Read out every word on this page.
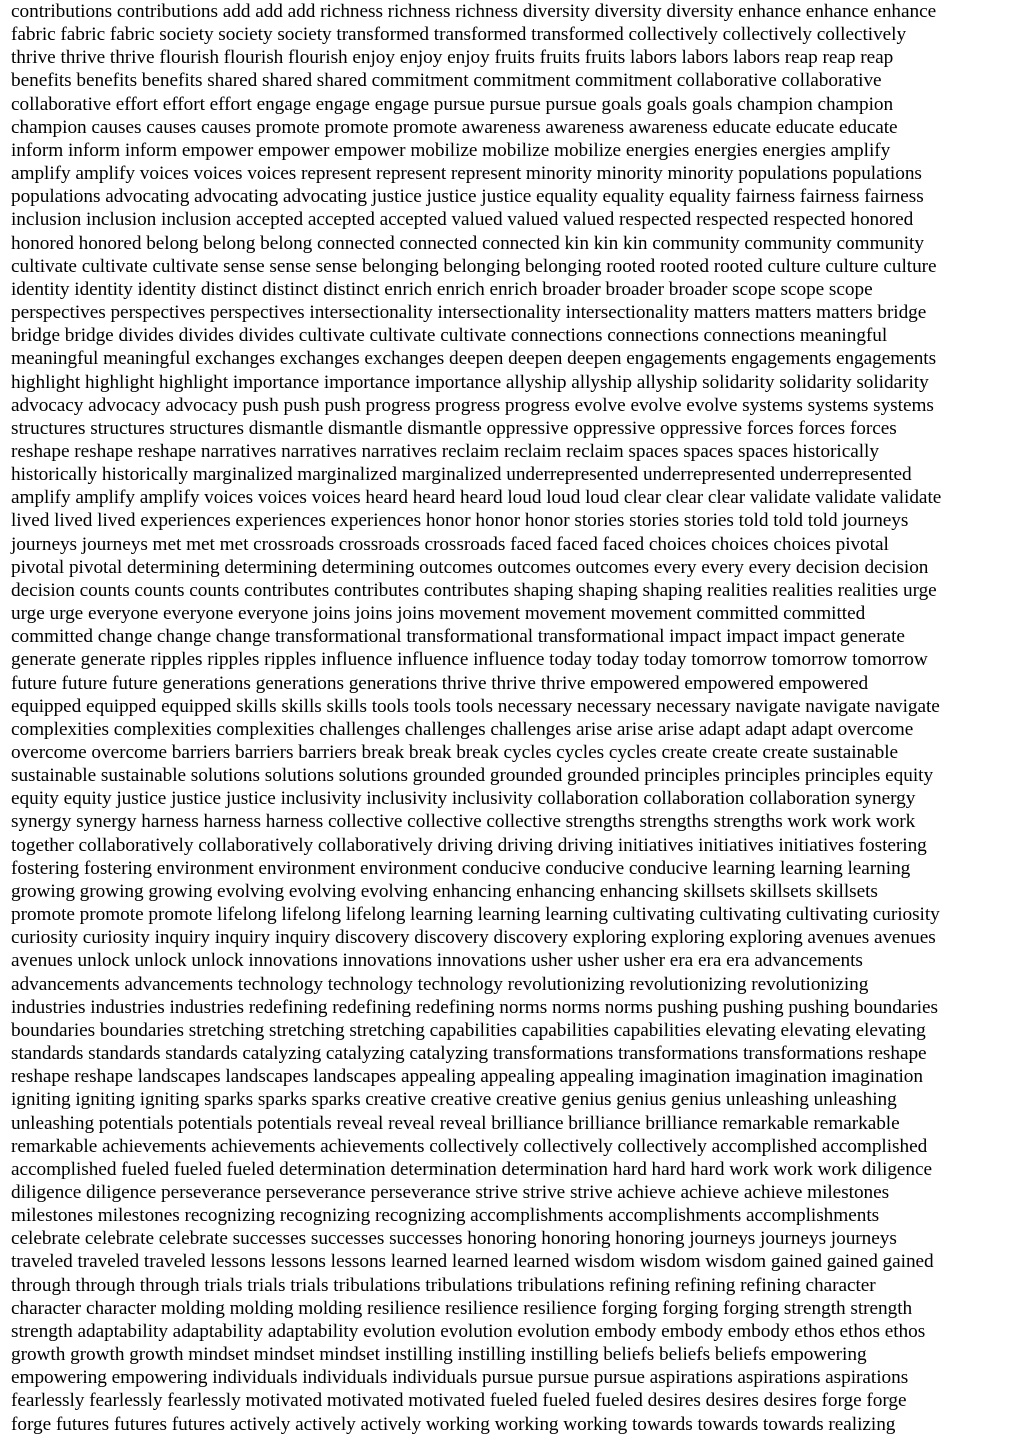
contributions contributions add add add richness richness richness diversity diversity diversity enhance enhance enhance
fabric fabric fabric society society society transformed transformed transformed collectively collectively collectively
thrive thrive thrive flourish flourish flourish enjoy enjoy enjoy fruits fruits fruits labors labors labors reap reap reap
benefits benefits benefits shared shared shared commitment commitment commitment collaborative collaborative
collaborative effort effort effort engage engage engage pursue pursue pursue goals goals goals champion champion
champion causes causes causes promote promote promote awareness awareness awareness educate educate educate
inform inform inform empower empower empower mobilize mobilize mobilize energies energies energies amplify
amplify amplify voices voices voices represent represent represent minority minority minority populations populations
populations advocating advocating advocating justice justice justice equality equality equality fairness fairness fairness
inclusion inclusion inclusion accepted accepted accepted valued valued valued respected respected respected honored
honored honored belong belong belong connected connected connected kin kin kin community community community
cultivate cultivate cultivate sense sense sense belonging belonging belonging rooted rooted rooted culture culture culture
identity identity identity distinct distinct distinct enrich enrich enrich broader broader broader scope scope scope
perspectives perspectives perspectives intersectionality intersectionality intersectionality matters matters matters bridge
bridge bridge divides divides divides cultivate cultivate cultivate connections connections connections meaningful
meaningful meaningful exchanges exchanges exchanges deepen deepen deepen engagements engagements engagements
highlight highlight highlight importance importance importance allyship allyship allyship solidarity solidarity solidarity
advocacy advocacy advocacy push push push progress progress progress evolve evolve evolve systems systems systems
structures structures structures dismantle dismantle dismantle oppressive oppressive oppressive forces forces forces
reshape reshape reshape narratives narratives narratives reclaim reclaim reclaim spaces spaces spaces historically
historically historically marginalized marginalized marginalized underrepresented underrepresented underrepresented
amplify amplify amplify voices voices voices heard heard heard loud loud loud clear clear clear validate validate validate
lived lived lived experiences experiences experiences honor honor honor stories stories stories told told told journeys
journeys journeys met met met crossroads crossroads crossroads faced faced faced choices choices choices pivotal
pivotal pivotal determining determining determining outcomes outcomes outcomes every every every decision decision
decision counts counts counts contributes contributes contributes shaping shaping shaping realities realities realities urge
urge urge everyone everyone everyone joins joins joins movement movement movement committed committed
committed change change change transformational transformational transformational impact impact impact generate
generate generate ripples ripples ripples influence influence influence today today today tomorrow tomorrow tomorrow
future future future generations generations generations thrive thrive thrive empowered empowered empowered
equipped equipped equipped skills skills skills tools tools tools necessary necessary necessary navigate navigate navigate
complexities complexities complexities challenges challenges challenges arise arise arise adapt adapt adapt overcome
overcome overcome barriers barriers barriers break break break cycles cycles cycles create create create sustainable
sustainable sustainable solutions solutions solutions grounded grounded grounded principles principles principles equity
equity equity justice justice justice inclusivity inclusivity inclusivity collaboration collaboration collaboration synergy
synergy synergy harness harness harness collective collective collective strengths strengths strengths work work work
together collaboratively collaboratively collaboratively driving driving driving initiatives initiatives initiatives fostering
fostering fostering environment environment environment conducive conducive conducive learning learning learning
growing growing growing evolving evolving evolving enhancing enhancing enhancing skillsets skillsets skillsets
promote promote promote lifelong lifelong lifelong learning learning learning cultivating cultivating cultivating curiosity
curiosity curiosity inquiry inquiry inquiry discovery discovery discovery exploring exploring exploring avenues avenues
avenues unlock unlock unlock innovations innovations innovations usher usher usher era era era advancements
advancements advancements technology technology technology revolutionizing revolutionizing revolutionizing
industries industries industries redefining redefining redefining norms norms norms pushing pushing pushing boundaries
boundaries boundaries stretching stretching stretching capabilities capabilities capabilities elevating elevating elevating
standards standards standards catalyzing catalyzing catalyzing transformations transformations transformations reshape
reshape reshape landscapes landscapes landscapes appealing appealing appealing imagination imagination imagination
igniting igniting igniting sparks sparks sparks creative creative creative genius genius genius unleashing unleashing
unleashing potentials potentials potentials reveal reveal reveal brilliance brilliance brilliance remarkable remarkable
remarkable achievements achievements achievements collectively collectively collectively accomplished accomplished
accomplished fueled fueled fueled determination determination determination hard hard hard work work work diligence
diligence diligence perseverance perseverance perseverance strive strive strive achieve achieve achieve milestones
milestones milestones recognizing recognizing recognizing accomplishments accomplishments accomplishments
celebrate celebrate celebrate successes successes successes honoring honoring honoring journeys journeys journeys
traveled traveled traveled lessons lessons lessons learned learned learned wisdom wisdom wisdom gained gained gained
through through through trials trials trials tribulations tribulations tribulations refining refining refining character
character character molding molding molding resilience resilience resilience forging forging forging strength strength
strength adaptability adaptability adaptability evolution evolution evolution embody embody embody ethos ethos ethos
growth growth growth mindset mindset mindset instilling instilling instilling beliefs beliefs beliefs empowering
empowering empowering individuals individuals individuals pursue pursue pursue aspirations aspirations aspirations
fearlessly fearlessly fearlessly motivated motivated motivated fueled fueled fueled desires desires desires forge forge
forge futures futures futures actively actively actively working working working towards towards towards realizing
